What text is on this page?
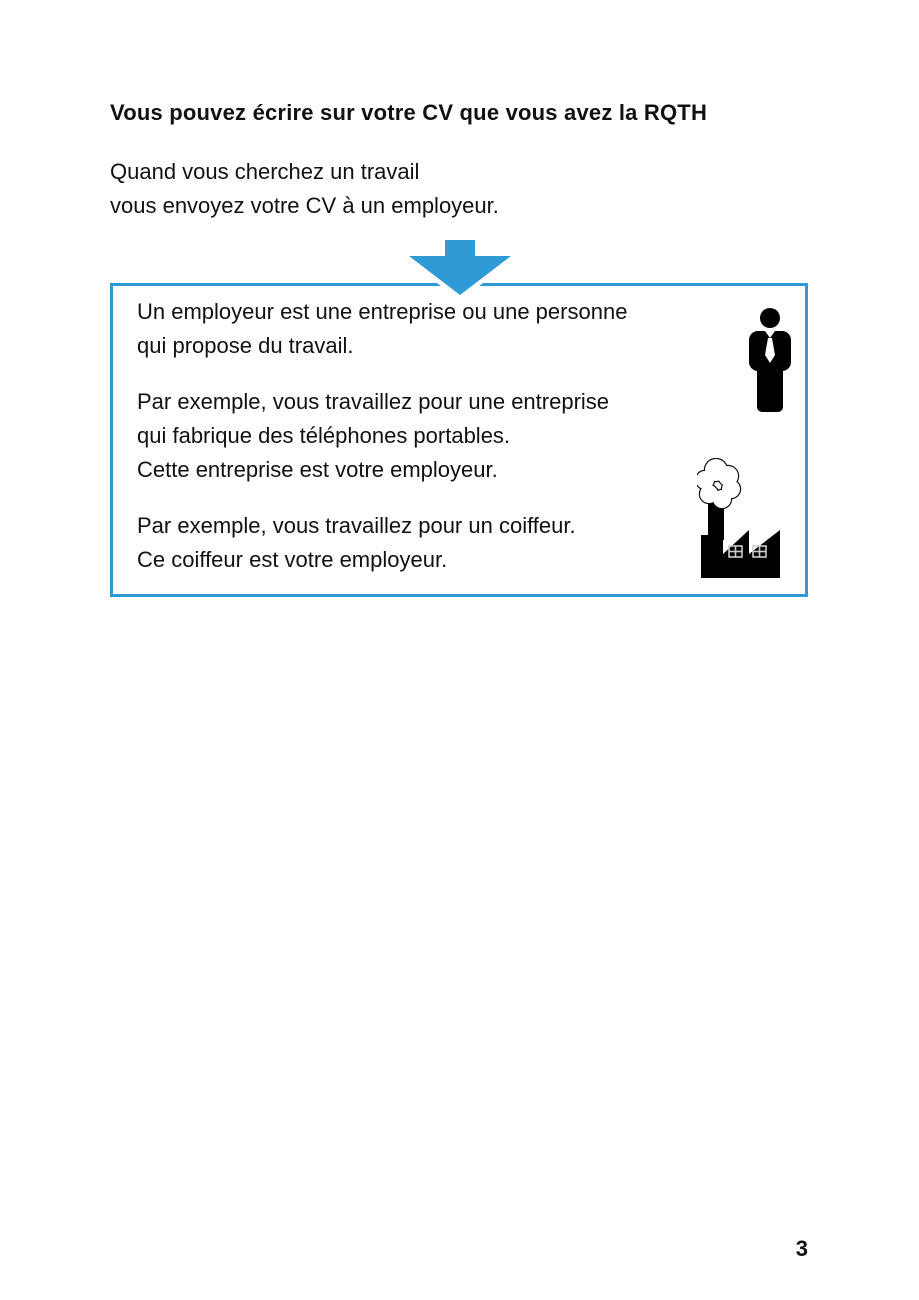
Vous pouvez écrire sur votre CV que vous avez la RQTH

Quand vous cherchez un travail
vous envoyez votre CV à un employeur.

Un employeur est une entreprise ou une personne
qui propose du travail.

Par exemple, vous travaillez pour une entreprise
qui fabrique des téléphones portables.
Cette entreprise est votre employeur.

Par exemple, vous travaillez pour un coiffeur.
Ce coiffeur est votre employeur.

3
